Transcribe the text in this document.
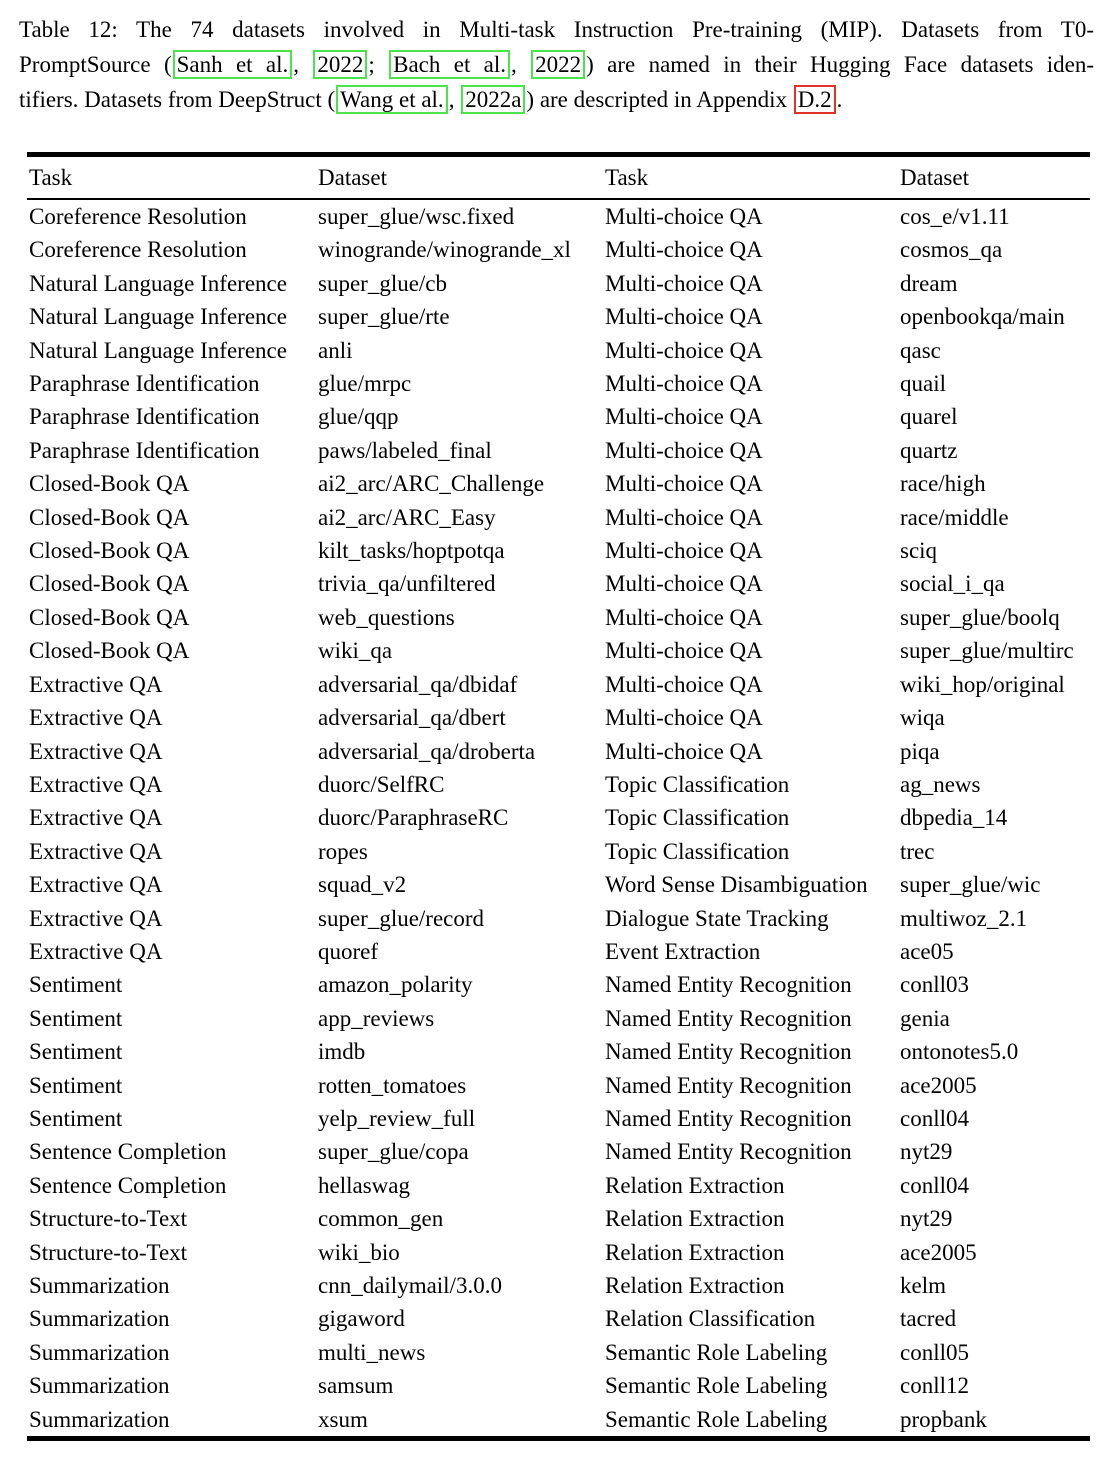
Table 12: The 74 datasets involved in Multi-task Instruction Pre-training (MIP). Datasets from T0-
PromptSource ( Sanh et al. , 2022 ; Bach et al. , 2022 ) are named in their Hugging Face datasets iden-
tifiers. Datasets from DeepStruct ( Wang et al. , 2022a ) are descripted in Appendix D.2 .
Task	Dataset	Task	Dataset
Coreference Resolution	super_glue/wsc.fixed	Multi-choice QA	cos_e/v1.11
Coreference Resolution	winogrande/winogrande_xl	Multi-choice QA	cosmos_qa
Natural Language Inference	super_glue/cb	Multi-choice QA	dream
Natural Language Inference	super_glue/rte	Multi-choice QA	openbookqa/main
Natural Language Inference	anli	Multi-choice QA	qasc
Paraphrase Identification	glue/mrpc	Multi-choice QA	quail
Paraphrase Identification	glue/qqp	Multi-choice QA	quarel
Paraphrase Identification	paws/labeled_final	Multi-choice QA	quartz
Closed-Book QA	ai2_arc/ARC_Challenge	Multi-choice QA	race/high
Closed-Book QA	ai2_arc/ARC_Easy	Multi-choice QA	race/middle
Closed-Book QA	kilt_tasks/hoptpotqa	Multi-choice QA	sciq
Closed-Book QA	trivia_qa/unfiltered	Multi-choice QA	social_i_qa
Closed-Book QA	web_questions	Multi-choice QA	super_glue/boolq
Closed-Book QA	wiki_qa	Multi-choice QA	super_glue/multirc
Extractive QA	adversarial_qa/dbidaf	Multi-choice QA	wiki_hop/original
Extractive QA	adversarial_qa/dbert	Multi-choice QA	wiqa
Extractive QA	adversarial_qa/droberta	Multi-choice QA	piqa
Extractive QA	duorc/SelfRC	Topic Classification	ag_news
Extractive QA	duorc/ParaphraseRC	Topic Classification	dbpedia_14
Extractive QA	ropes	Topic Classification	trec
Extractive QA	squad_v2	Word Sense Disambiguation	super_glue/wic
Extractive QA	super_glue/record	Dialogue State Tracking	multiwoz_2.1
Extractive QA	quoref	Event Extraction	ace05
Sentiment	amazon_polarity	Named Entity Recognition	conll03
Sentiment	app_reviews	Named Entity Recognition	genia
Sentiment	imdb	Named Entity Recognition	ontonotes5.0
Sentiment	rotten_tomatoes	Named Entity Recognition	ace2005
Sentiment	yelp_review_full	Named Entity Recognition	conll04
Sentence Completion	super_glue/copa	Named Entity Recognition	nyt29
Sentence Completion	hellaswag	Relation Extraction	conll04
Structure-to-Text	common_gen	Relation Extraction	nyt29
Structure-to-Text	wiki_bio	Relation Extraction	ace2005
Summarization	cnn_dailymail/3.0.0	Relation Extraction	kelm
Summarization	gigaword	Relation Classification	tacred
Summarization	multi_news	Semantic Role Labeling	conll05
Summarization	samsum	Semantic Role Labeling	conll12
Summarization	xsum	Semantic Role Labeling	propbank
